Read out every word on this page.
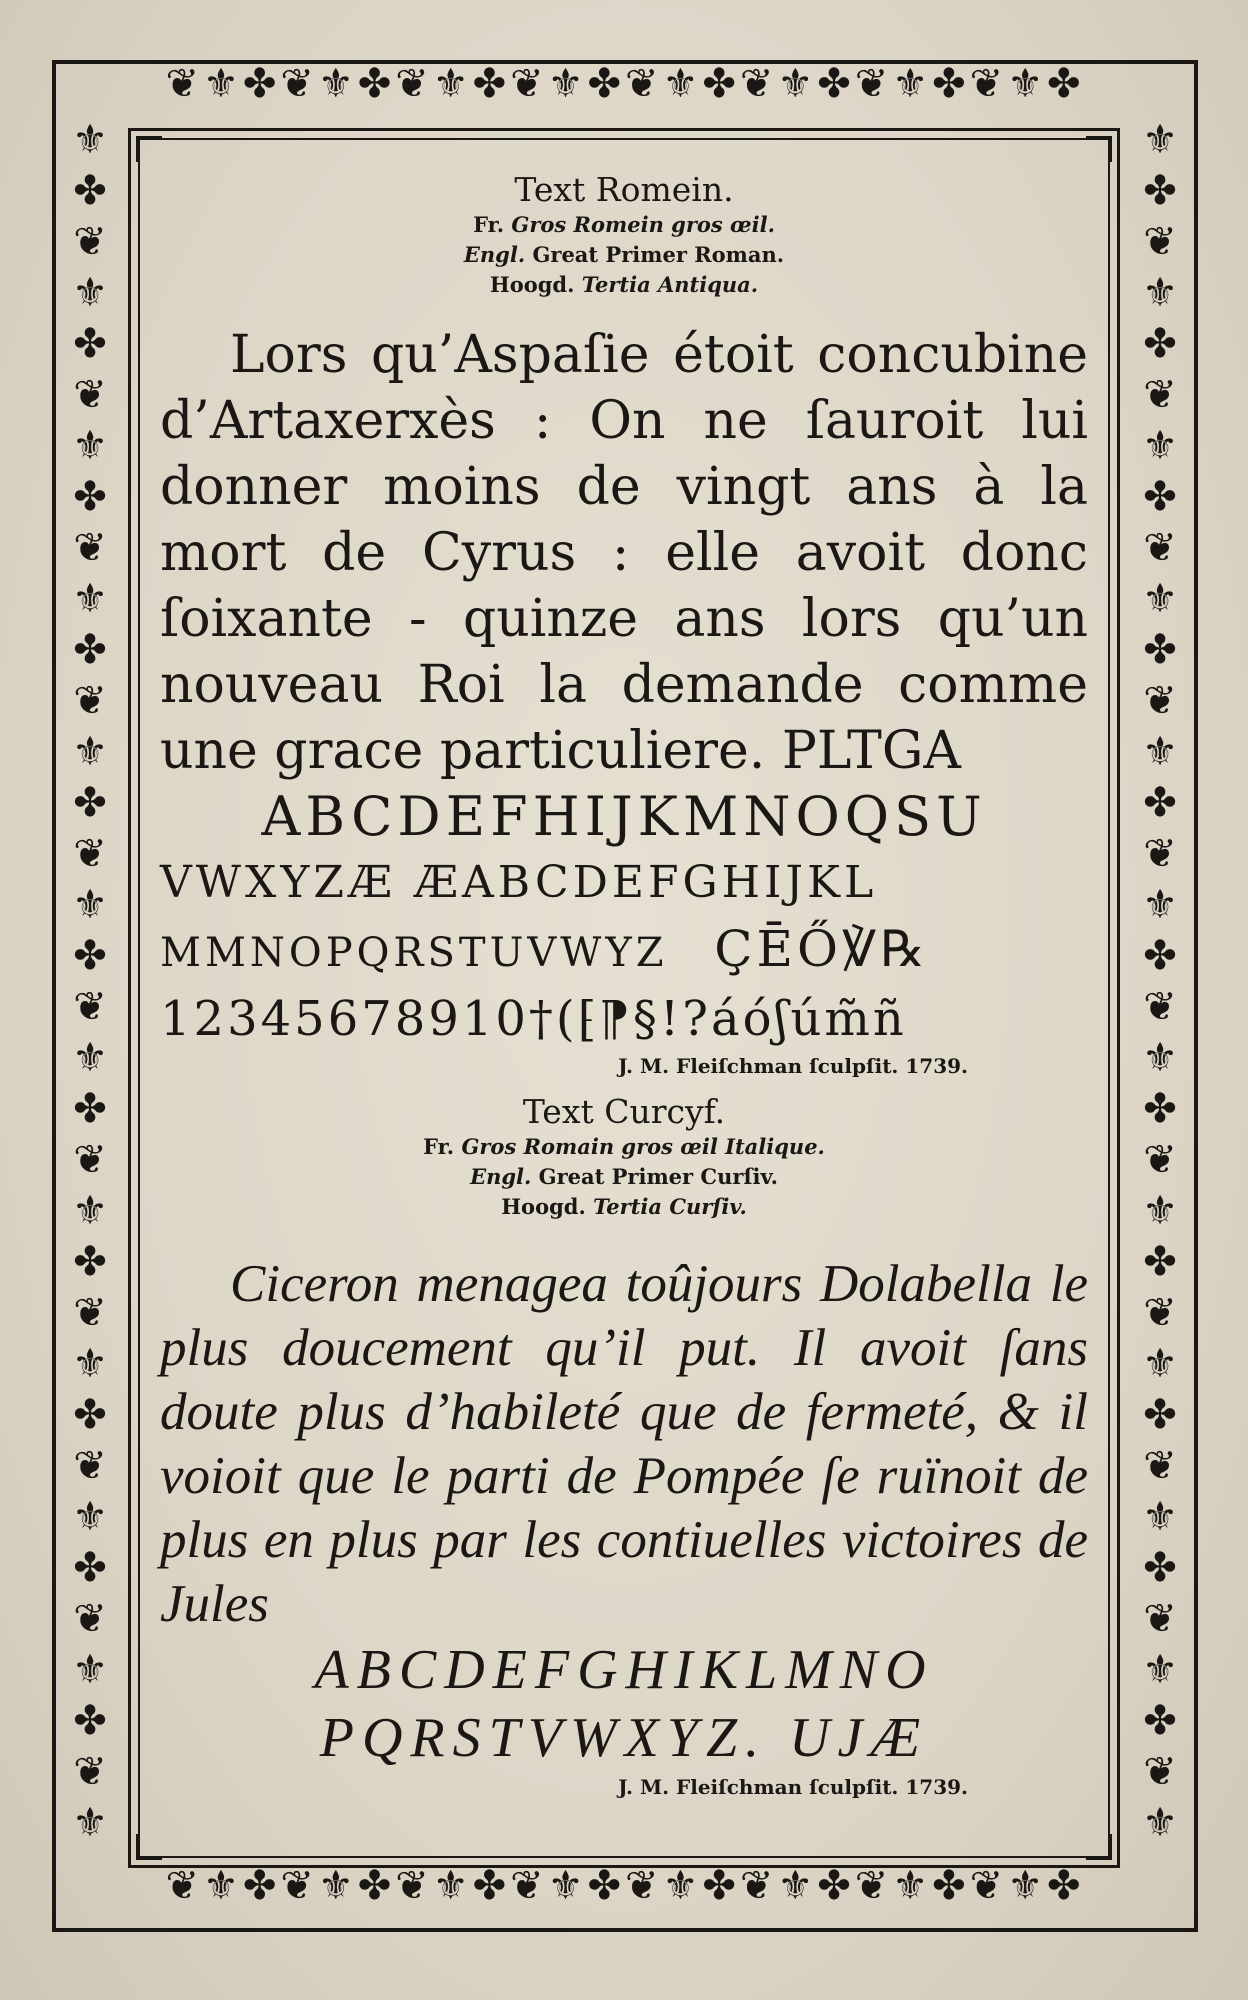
❦⚜✤❦⚜✤❦⚜✤❦⚜✤❦⚜✤❦⚜✤❦⚜✤❦⚜✤
❦⚜✤❦⚜✤❦⚜✤❦⚜✤❦⚜✤❦⚜✤❦⚜✤❦⚜✤
⚜
✤
❦
⚜
✤
❦
⚜
✤
❦
⚜
✤
❦
⚜
✤
❦
⚜
✤
❦
⚜
✤
❦
⚜
✤
❦
⚜
✤
❦
⚜
✤
❦
⚜
✤
❦
⚜
⚜
✤
❦
⚜
✤
❦
⚜
✤
❦
⚜
✤
❦
⚜
✤
❦
⚜
✤
❦
⚜
✤
❦
⚜
✤
❦
⚜
✤
❦
⚜
✤
❦
⚜
✤
❦
⚜
Text Romein.
Fr. Gros Romein gros œil.
Engl. Great Primer Roman.
Hoogd. Tertia Antiqua.

Lors qu’Aspaſie étoit concubine d’Artaxerxès : On ne ſauroit lui donner moins de vingt ans à la mort de Cyrus : elle avoit donc ſoixante - quinze ans lors qu’un nouveau Roi la demande comme une grace particuliere. PLTGA

ABCDEFHIJKMNOQSU
VWXYZÆ ÆABCDEFGHIJKL
MMNOPQRSTUVWYZ ÇĒŐ℣℞
12345678910†(⁅⁋§!?áóʃúm̃ñ
J. M. Fleiſchman ſculpſit. 1739.
Text Curcyf.
Fr. Gros Romain gros œil Italique.
Engl. Great Primer Curſiv.
Hoogd. Tertia Curſiv.

Ciceron menagea toûjours Dolabella le plus doucement qu’il put. Il avoit ſans doute plus d’habileté que de fermeté, & il voioit que le parti de Pompée ſe ruïnoit de plus en plus par les contiuelles victoires de Jules

ABCDEFGHIKLMNO
PQRSTVWXYZ. UJÆ
J. M. Fleiſchman ſculpſit. 1739.
